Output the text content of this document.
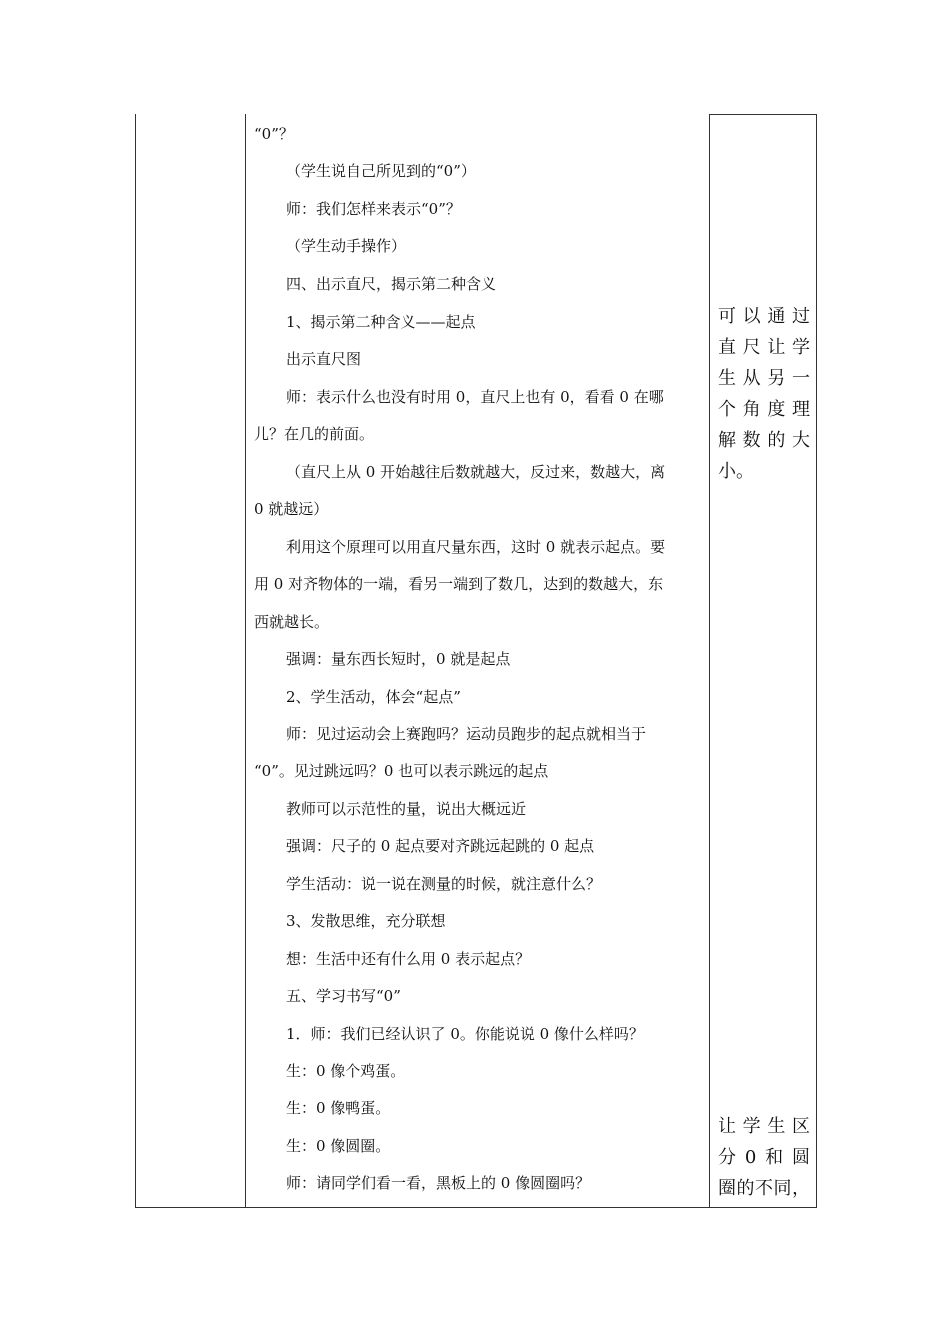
“0”？
（学生说自己所见到的“0”）
师：我们怎样来表示“0”？
（学生动手操作）
四、出示直尺，揭示第二种含义
1、揭示第二种含义——起点
出示直尺图
师：表示什么也没有时用 0，直尺上也有 0，看看 0 在哪
儿？在几的前面。
（直尺上从 0 开始越往后数就越大，反过来，数越大，离
0 就越远）
利用这个原理可以用直尺量东西，这时 0 就表示起点。要
用 0 对齐物体的一端，看另一端到了数几，达到的数越大，东
西就越长。
强调：量东西长短时，0 就是起点
2、学生活动，体会“起点”
师：见过运动会上赛跑吗？运动员跑步的起点就相当于
“0”。见过跳远吗？0 也可以表示跳远的起点
教师可以示范性的量，说出大概远近
强调：尺子的 0 起点要对齐跳远起跳的 0 起点
学生活动：说一说在测量的时候，就注意什么？
3、发散思维，充分联想
想：生活中还有什么用 0 表示起点？
五、学习书写“0”
1．师：我们已经认识了 0。你能说说 0 像什么样吗？
生：0 像个鸡蛋。
生：0 像鸭蛋。
生：0 像圆圈。
师：请同学们看一看，黑板上的 0 像圆圈吗？
可 以 通 过
直 尺 让 学
生 从 另 一
个 角 度 理
解 数 的 大
小 。
让 学 生 区
分 0 和 圆
圈 的 不 同 ，
